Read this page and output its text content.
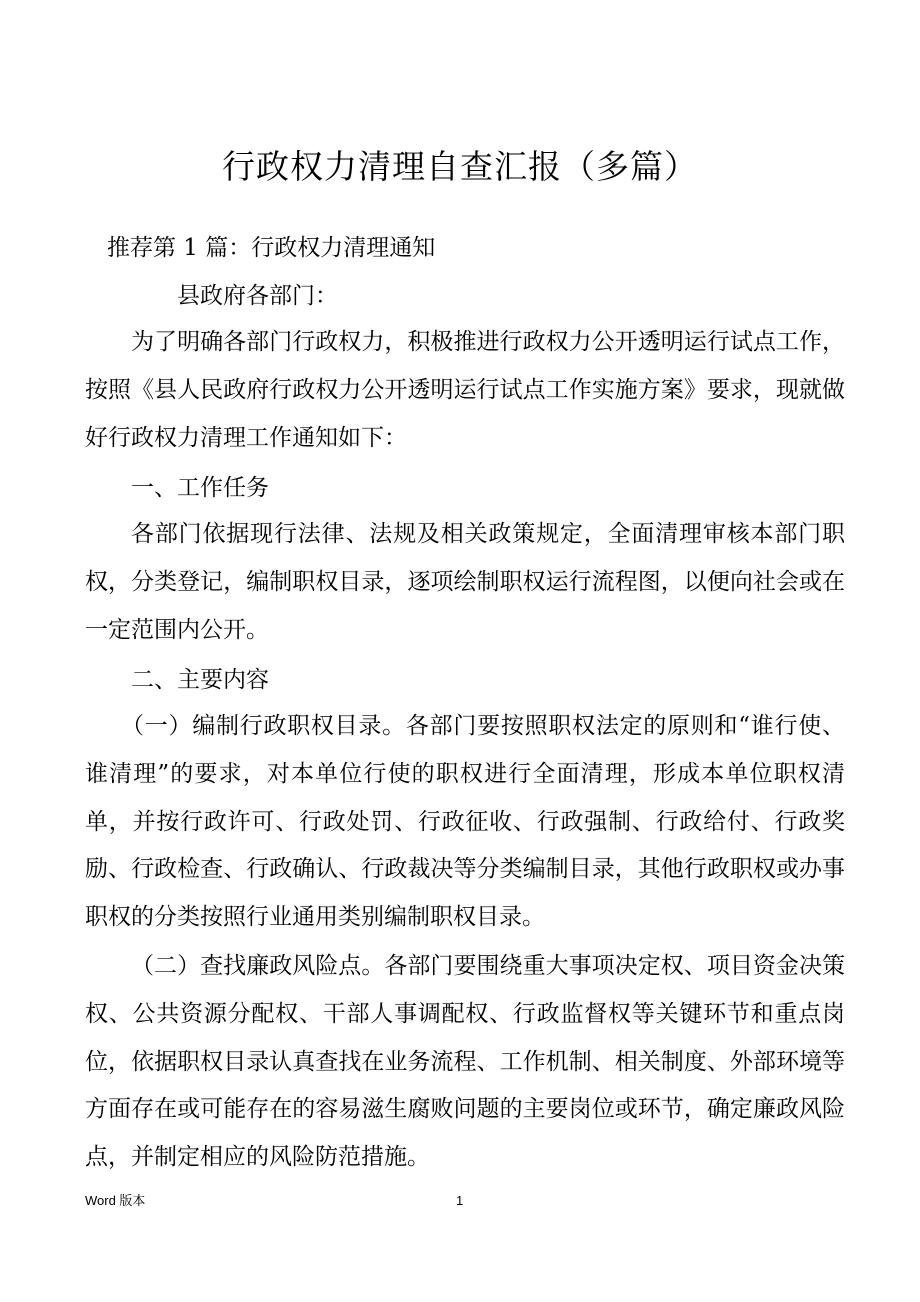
行政权力清理自查汇报（多篇）
推荐第 1 篇：行政权力清理通知
县政府各部门：
为了明确各部门行政权力，积极推进行政权力公开透明运行试点工作，按照《县人民政府行政权力公开透明运行试点工作实施方案》要求，现就做好行政权力清理工作通知如下：
一、工作任务
各部门依据现行法律、法规及相关政策规定，全面清理审核本部门职权，分类登记，编制职权目录，逐项绘制职权运行流程图，以便向社会或在一定范围内公开。
二、主要内容
（一）编制行政职权目录。各部门要按照职权法定的原则和“谁行使、谁清理”的要求，对本单位行使的职权进行全面清理，形成本单位职权清单，并按行政许可、行政处罚、行政征收、行政强制、行政给付、行政奖励、行政检查、行政确认、行政裁决等分类编制目录，其他行政职权或办事职权的分类按照行业通用类别编制职权目录。
（二）查找廉政风险点。各部门要围绕重大事项决定权、项目资金决策权、公共资源分配权、干部人事调配权、行政监督权等关键环节和重点岗位，依据职权目录认真查找在业务流程、工作机制、相关制度、外部环境等方面存在或可能存在的容易滋生腐败问题的主要岗位或环节，确定廉政风险点，并制定相应的风险防范措施。
Word 版本	1
